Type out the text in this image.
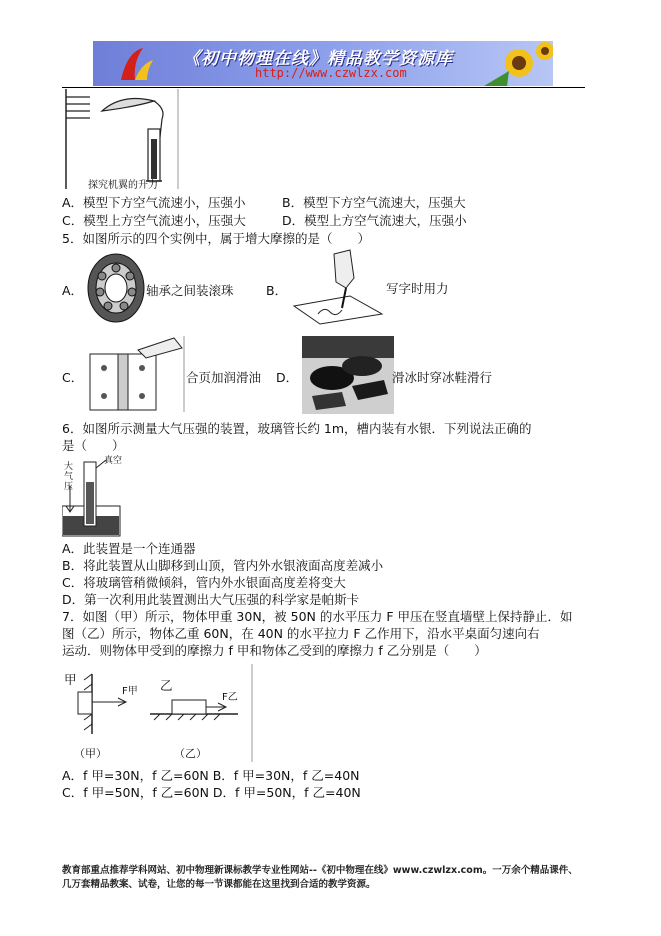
《初中物理在线》精品教学资源库
http://www.czwlzx.com
探究机翼的升力
A．模型下方空气流速小，压强小	B．模型下方空气流速大，压强大
C．模型上方空气流速小，压强大	D．模型上方空气流速大，压强小
5．如图所示的四个实例中，属于增大摩擦的是（　　）
A．	轴承之间装滚珠	B．	写字时用力
C．	合页加润滑油 D．	滑冰时穿冰鞋滑行
6．如图所示测量大气压强的装置，玻璃管长约 1m，槽内装有水银．下列说法正确的
是（　　）
真空
大
气
压
A．此装置是一个连通器
B．将此装置从山脚移到山顶，管内外水银液面高度差减小
C．将玻璃管稍微倾斜，管内外水银面高度差将变大
D．第一次利用此装置测出大气压强的科学家是帕斯卡
7．如图（甲）所示，物体甲重 30N，被 50N 的水平压力 F 甲压在竖直墙壁上保持静止．如
图（乙）所示，物体乙重 60N，在 40N 的水平拉力 F 乙作用下，沿水平桌面匀速向右
运动．则物体甲受到的摩擦力 f 甲和物体乙受到的摩擦力 f 乙分别是（　　）
甲
F甲
（甲）
乙
F乙
（乙）
A．f 甲=30N，f 乙=60N B．f 甲=30N，f 乙=40N
C．f 甲=50N，f 乙=60N D．f 甲=50N，f 乙=40N
教育部重点推荐学科网站、初中物理新课标教学专业性网站--《初中物理在线》www.czwlzx.com。一万余个精品课件、
几万套精品教案、试卷，让您的每一节课都能在这里找到合适的教学资源。
